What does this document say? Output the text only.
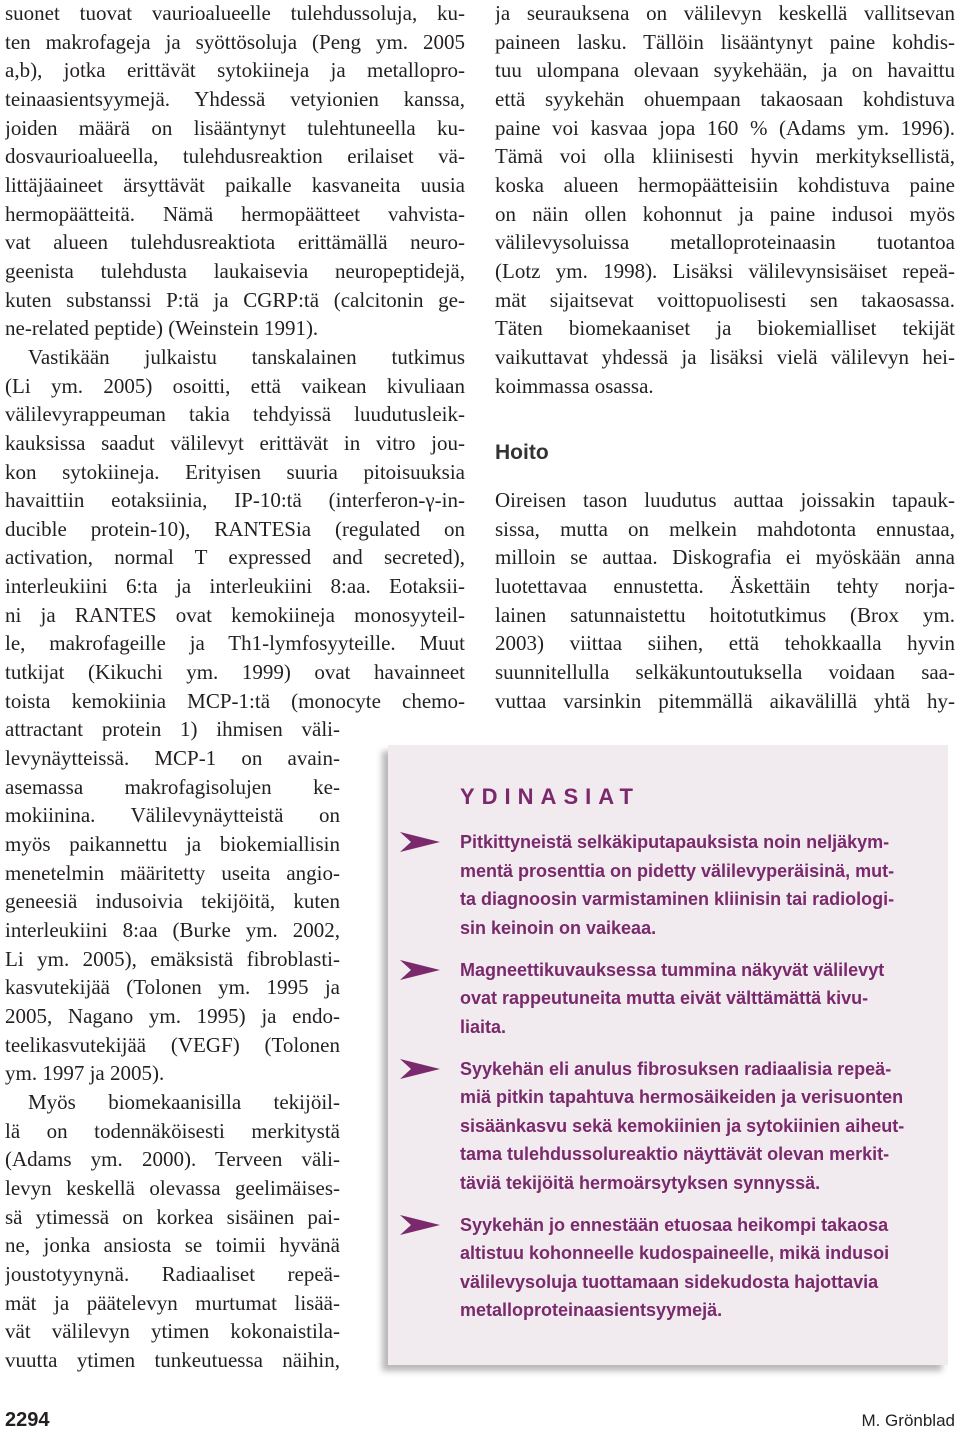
suonet tuovat vaurioalueelle tulehdussoluja, ku-
ten makrofageja ja syöttösoluja (Peng ym. 2005
a,b), jotka erittävät sytokiineja ja metallopro-
teinaasientsyymejä. Yhdessä vetyionien kanssa,
joiden määrä on lisääntynyt tulehtuneella ku-
dosvaurioalueella, tulehdusreaktion erilaiset vä-
littäjäaineet ärsyttävät paikalle kasvaneita uusia
hermopäätteitä. Nämä hermopäätteet vahvista-
vat alueen tulehdusreaktiota erittämällä neuro-
geenista tulehdusta laukaisevia neuropeptidejä,
kuten substanssi P:tä ja CGRP:tä (calcitonin ge-
ne-related peptide) (Weinstein 1991).
Vastikään julkaistu tanskalainen tutkimus
(Li ym. 2005) osoitti, että vaikean kivuliaan
välilevyrappeuman takia tehdyissä luudutusleik-
kauksissa saadut välilevyt erittävät in vitro jou-
kon sytokiineja. Erityisen suuria pitoisuuksia
havaittiin eotaksiinia, IP-10:tä (interferon-γ-in-
ducible protein-10), RANTESia (regulated on
activation, normal T expressed and secreted),
interleukiini 6:ta ja interleukiini 8:aa. Eotaksii-
ni ja RANTES ovat kemokiineja monosyyteil-
le, makrofageille ja Th1-lymfosyyteille. Muut
tutkijat (Kikuchi ym. 1999) ovat havainneet
toista kemokiinia MCP-1:tä (monocyte chemo-
attractant protein 1) ihmisen väli-
levynäytteissä. MCP-1 on avain-
asemassa makrofagisolujen ke-
mokiinina. Välilevynäytteistä on
myös paikannettu ja biokemiallisin
menetelmin määritetty useita angio-
geneesiä indusoivia tekijöitä, kuten
interleukiini 8:aa (Burke ym. 2002,
Li ym. 2005), emäksistä fibroblasti-
kasvutekijää (Tolonen ym. 1995 ja
2005, Nagano ym. 1995) ja endo-
teelikasvutekijää (VEGF) (Tolonen
ym. 1997 ja 2005).
Myös biomekaanisilla tekijöil-
lä on todennäköisesti merkitystä
(Adams ym. 2000). Terveen väli-
levyn keskellä olevassa geelimäises-
sä ytimessä on korkea sisäinen pai-
ne, jonka ansiosta se toimii hyvänä
joustotyynynä. Radiaaliset repeä-
mät ja päätelevyn murtumat lisää-
vät välilevyn ytimen kokonaistila-
vuutta ytimen tunkeutuessa näihin,
ja seurauksena on välilevyn keskellä vallitsevan
paineen lasku. Tällöin lisääntynyt paine kohdis-
tuu ulompana olevaan syykehään, ja on havaittu
että syykehän ohuempaan takaosaan kohdistuva
paine voi kasvaa jopa 160 % (Adams ym. 1996).
Tämä voi olla kliinisesti hyvin merkityksellistä,
koska alueen hermopäätteisiin kohdistuva paine
on näin ollen kohonnut ja paine indusoi myös
välilevysoluissa metalloproteinaasin tuotantoa
(Lotz ym. 1998). Lisäksi välilevynsisäiset repeä-
mät sijaitsevat voittopuolisesti sen takaosassa.
Täten biomekaaniset ja biokemialliset tekijät
vaikuttavat yhdessä ja lisäksi vielä välilevyn hei-
koimmassa osassa.
Hoito
Oireisen tason luudutus auttaa joissakin tapauk-
sissa, mutta on melkein mahdotonta ennustaa,
milloin se auttaa. Diskografia ei myöskään anna
luotettavaa ennustetta. Äskettäin tehty norja-
lainen satunnaistettu hoitotutkimus (Brox ym.
2003) viittaa siihen, että tehokkaalla hyvin
suunnitellulla selkäkuntoutuksella voidaan saa-
vuttaa varsinkin pitemmällä aikavälillä yhtä hy-
YDINASIAT
Pitkittyneistä selkäkiputapauksista noin neljäkym-
mentä prosenttia on pidetty välilevyperäisinä, mut-
ta diagnoosin varmistaminen kliinisin tai radiologi-
sin keinoin on vaikeaa.
Magneettikuvauksessa tummina näkyvät välilevyt
ovat rappeutuneita mutta eivät välttämättä kivu-
liaita.
Syykehän eli anulus fibrosuksen radiaalisia repeä-
miä pitkin tapahtuva hermosäikeiden ja verisuonten
sisäänkasvu sekä kemokiinien ja sytokiinien aiheut-
tama tulehdussolureaktio näyttävät olevan merkit-
täviä tekijöitä hermoärsytyksen synnyssä.
Syykehän jo ennestään etuosaa heikompi takaosa
altistuu kohonneelle kudospaineelle, mikä indusoi
välilevysoluja tuottamaan sidekudosta hajottavia
metalloproteinaasientsyymejä.
2294	M. Grönblad
